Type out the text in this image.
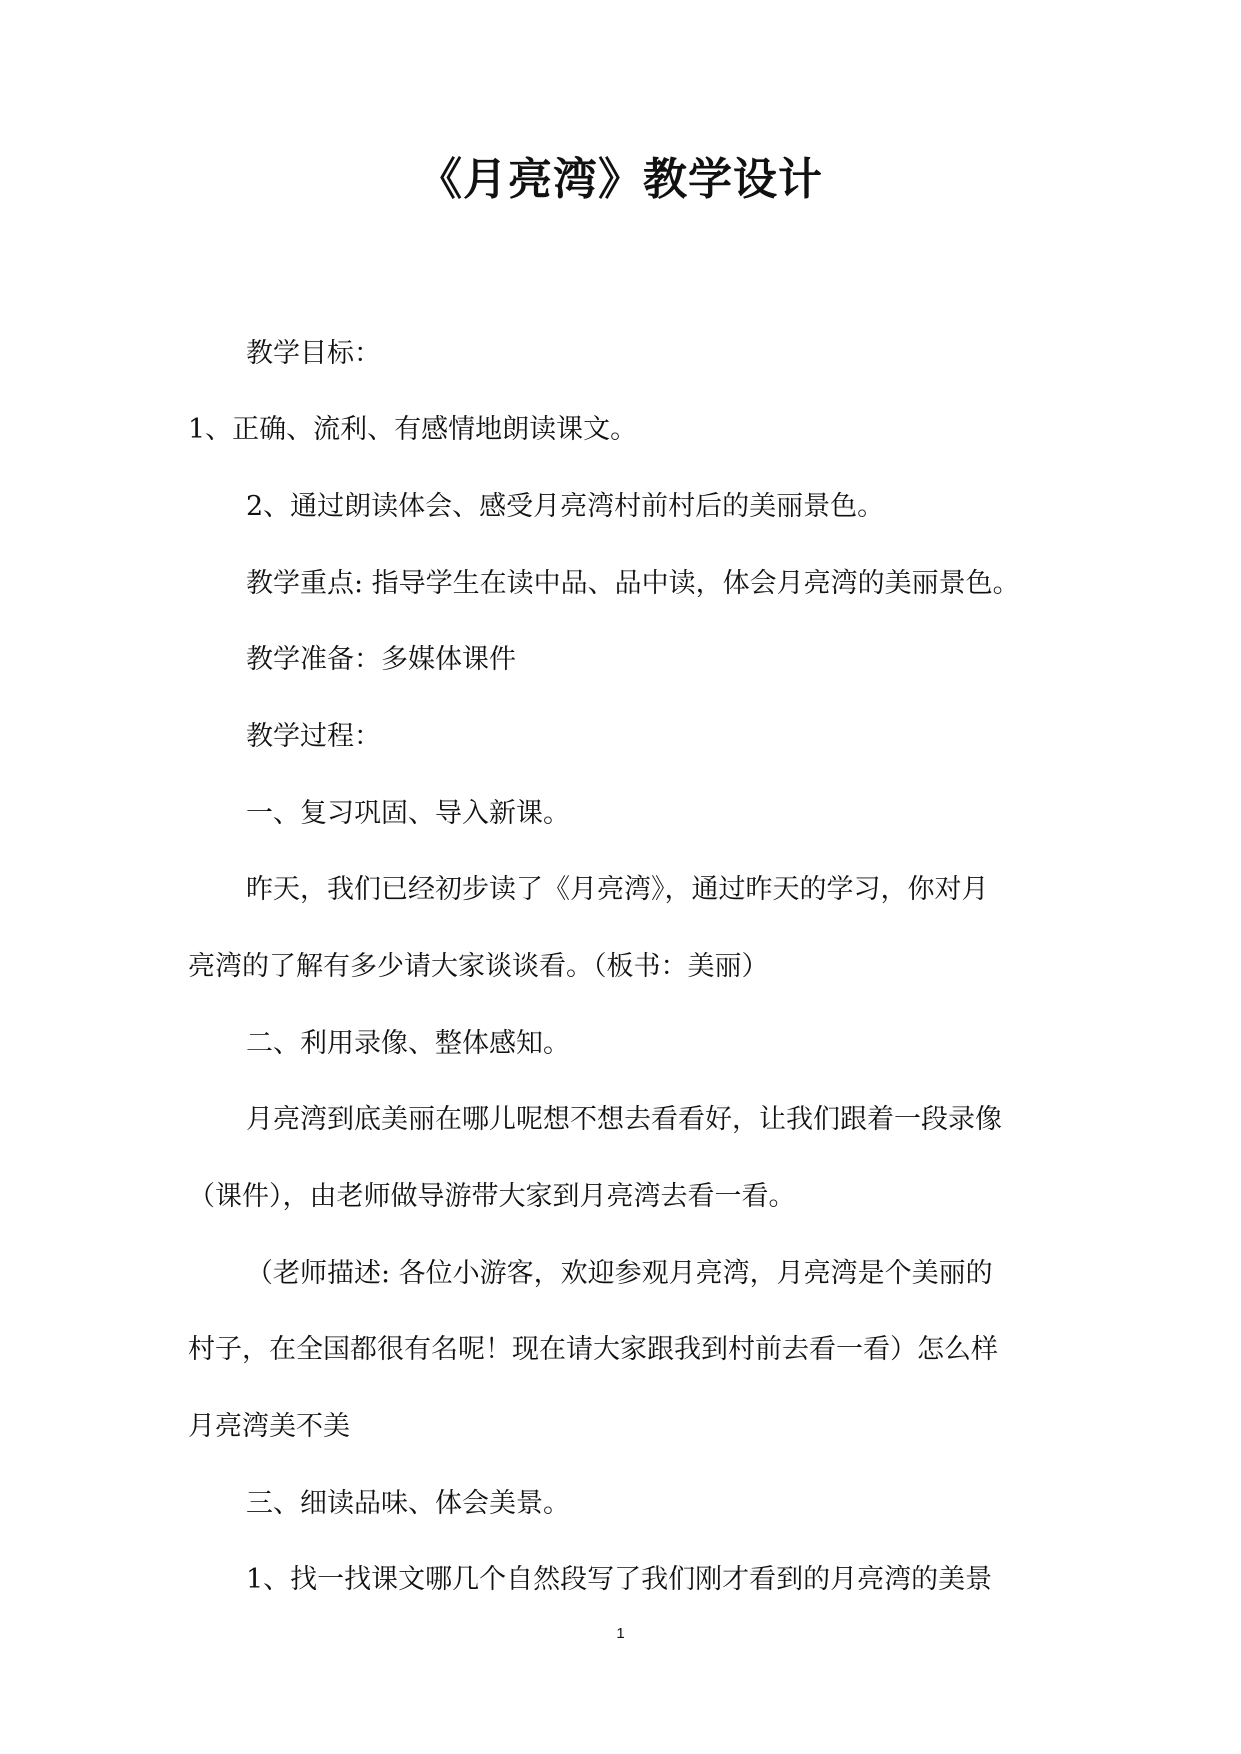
《月亮湾》教学设计
教学目标：
1、正确、流利、有感情地朗读课文。
2、通过朗读体会、感受月亮湾村前村后的美丽景色。
教学重点: 指导学生在读中品、品中读，体会月亮湾的美丽景色。
教学准备：多媒体课件
教学过程：
一、复习巩固、导入新课。
昨天，我们已经初步读了《月亮湾》，通过昨天的学习，你对月
亮湾的了解有多少请大家谈谈看。（板书：美丽）
二、利用录像、整体感知。
月亮湾到底美丽在哪儿呢想不想去看看好，让我们跟着一段录像
（课件），由老师做导游带大家到月亮湾去看一看。
（老师描述: 各位小游客，欢迎参观月亮湾，月亮湾是个美丽的
村子，在全国都很有名呢！现在请大家跟我到村前去看一看）怎么样
月亮湾美不美
三、细读品味、体会美景。
1、找一找课文哪几个自然段写了我们刚才看到的月亮湾的美景
1
